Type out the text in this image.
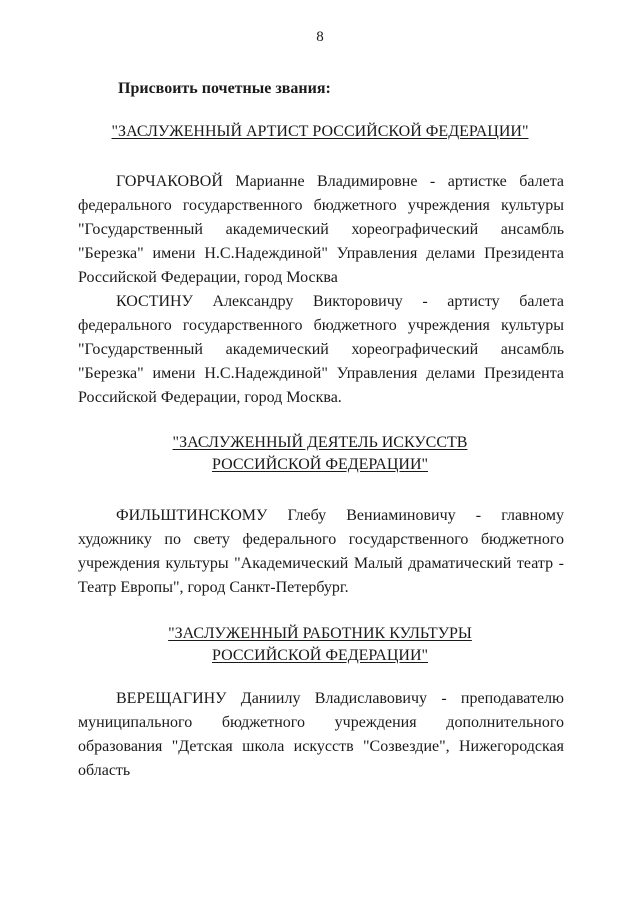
8
Присвоить почетные звания:
"ЗАСЛУЖЕННЫЙ АРТИСТ РОССИЙСКОЙ ФЕДЕРАЦИИ"

ГОРЧАКОВОЙ Марианне Владимировне - артистке балета федерального государственного бюджетного учреждения культуры "Государственный академический хореографический ансамбль "Березка" имени Н.С.Надеждиной" Управления делами Президента Российской Федерации, город Москва

КОСТИНУ Александру Викторовичу - артисту балета федерального государственного бюджетного учреждения культуры "Государственный академический хореографический ансамбль "Березка" имени Н.С.Надеждиной" Управления делами Президента Российской Федерации, город Москва.

"ЗАСЛУЖЕННЫЙ ДЕЯТЕЛЬ ИСКУССТВ
РОССИЙСКОЙ ФЕДЕРАЦИИ"

ФИЛЬШТИНСКОМУ Глебу Вениаминовичу - главному художнику по свету федерального государственного бюджетного учреждения культуры "Академический Малый драматический театр - Театр Европы", город Санкт-Петербург.

"ЗАСЛУЖЕННЫЙ РАБОТНИК КУЛЬТУРЫ
РОССИЙСКОЙ ФЕДЕРАЦИИ"

ВЕРЕЩАГИНУ Даниилу Владиславовичу - преподавателю муниципального бюджетного учреждения дополнительного образования "Детская школа искусств "Созвездие", Нижегородская область
